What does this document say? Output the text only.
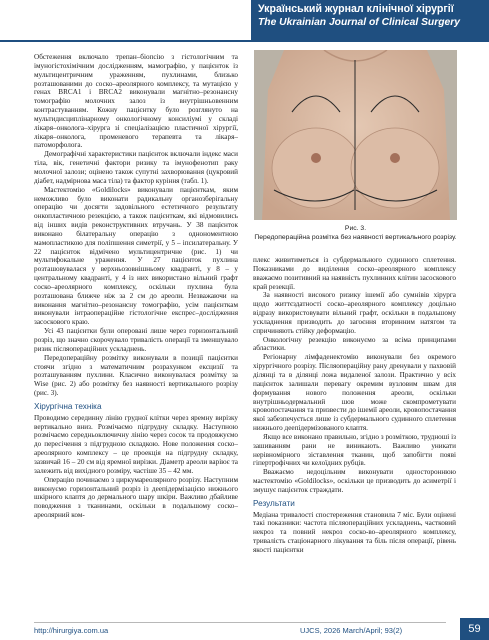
Український журнал клінічної хірургії
The Ukrainian Journal of Clinical Surgery

Обстеження включало трепан–біопсію з гістологічним та імуногістохімічним дослідженням, мамографію, у пацієнток із мультицентричним ураженням, пухлинами, близько розташованими до соско–ареолярного комплексу, та мутацією у генах BRCA1 і BRCA2 виконували магнітно–резонансну томографію молочних залоз із внутрішньовенним контрастуванням. Кожну пацієнтку було розглянуто на мультидисциплінарному онкологічному консиліумі у складі лікаря–онколога–хірурга зі спеціалізацією пластичної хірургії, лікаря–онколога, променевого терапевта та лікаря–патоморфолога.

Демографічні характеристики пацієнток включали індекс маси тіла, вік, генетичні фактори ризику та імунофенотип раку молочної залози; оцінено також супутні захворювання (цукровий діабет, надмірнова маса тіла) та фактор куріння (табл. 1).

Мастектомію «Goldilocks» виконували пацієнткам, яким неможливо було виконати радикальну органозберігальну операцію чи досягти задовільного естетичного результату онкопластичною резекцією, а також пацієнткам, які відмовились від інших видів реконструктивних втручань. У 38 пацієнток виконано білатеральну операцію з однономентною мамопластикою для поліпшення симетрії, у 5 – іпсилатеральну. У 22 пацієнток відмічено мультицентричне (рис. 1) чи мультифокальне ураження. У 27 пацієнток пухлина розташовувалася у верхньозовнішньому квадранті, у 8 – у центральному квадранті, у 4 із них використано вільний графт соско–ареолярного комплексу, оскільки пухлина була розташована ближче ніж за 2 см до ареоли. Незважаючи на виконання магнітно–резонансну томографію, усім пацієнткам виконували інтраопераційне гістологічне експрес–дослідження засоскового краю.

Усі 43 пацієнтки були оперовані лише через горизонтальний розріз, що значно скорочувало тривалість операції та зменшувало ризик післяопераційних ускладнень.

Передопераційну розмітку виконували в позиції пацієнтки стоячи згідно з математичним розрахунком ексцизії та розташуванням пухлини. Класично виконувалася розмітку за Wise (рис. 2) або розмітку без наявності вертикального розрізу (рис. 3).

Хірургічна техніка

Проводимо серединну лінію грудної клітки через яремну вирізку вертикально вниз. Розмічаємо підгрудну складку. Наступною розмічаємо середньоключичну лінію через сосок та продовжуємо до пересічення з підгрудною складкою. Нове положення соско–ареолярного комплексу – це проекція на підгрудну складку, зазвичай 16 – 20 см від яремної вирізки. Діаметр ареоли варіює та залежить від вихідного розміру, частіше 35 – 42 мм.

Операцію починаємо з циркумареолярного розрізу. Наступним виконуємо горизонтальний розріз із деепідермізацією нижнього шкірного клаптя до дермального шару шкіри. Важливо дбайливе поводження з тканинами, оскільки в подальшому соско–ареолярний ком-

Рис. 3.
Передопераційна розмітка без наявності вертикального розрізу.

плекс живитиметься із субдермального судинного сплетення. Показниками до виділення соско–ареолярного комплексу вважаємо позитивний на наявність пухлинних клітин засоскового край резекції.

За наявності високого ризику ішемії або сумнівів хірурга щодо життєздатності соско–ареолярного комплексу доцільно відразу використовувати вільний графт, оскільки в подальшому ускладнення призводить до загоєння вторинним натягом та спричиняють стійку деформацію.

Онкологічну резекцію виконуємо за всіма принципами абластики.

Регіонарну лімфаденектомію виконували без окремого хірургічного розрізу. Післяопераційну рану дренували у пахвовій ділянці та в ділянці ложа видаленої залози. Практично у всіх пацієнток залишали перевагу окремим вузловим швам для формування нового положення ареоли, оскільки внутрішньодермальний шов може скомпрометувати кровопостачання та призвести до ішемії ареоли, кровопостачання якої забезпечується лише із субдермального судинного сплетення нижнього деепідермізованого клаптя.

Якщо все виконано правильно, згідно з розміткою, трудноші із зашиванням рани не виникають. Важливо уникати нерівномірного зіставлення тканин, щоб запобігти появі гіпертрофічних чи келоїдних рубців.

Вважаємо недоцільним виконувати одностороннюю мастектомію «Goldilocks», оскільки це призводить до асиметрії і змушує пацієнток страждати.

Результати

Медіана тривалості спостереження становила 7 міс. Були оцінені такі показники: частота післяопераційних ускладнень, частковий некроз та повний некроз соско-во–ареолярного комплексу, тривалість стаціонарного лікування та біль після операції, рівень якості пацієнтки

http://hirurgiya.com.ua	UJCS, 2026 March/April; 93(2)	59
